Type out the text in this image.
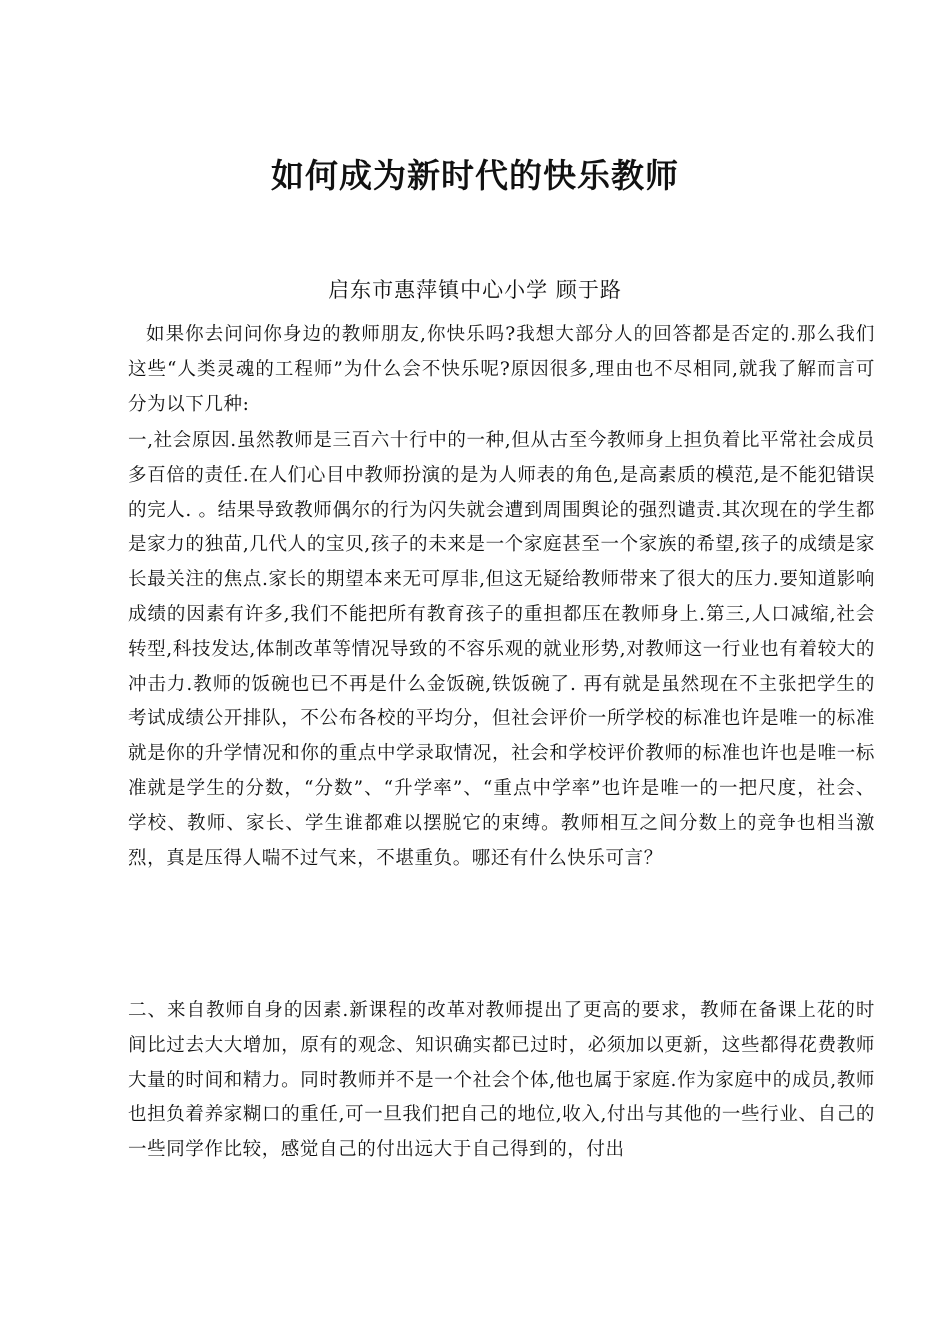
如何成为新时代的快乐教师

启东市惠萍镇中心小学 顾于路

如果你去问问你身边的教师朋友,你快乐吗?我想大部分人的回答都是否定的.那么我们这些“人类灵魂的工程师”为什么会不快乐呢?原因很多,理由也不尽相同,就我了解而言可分为以下几种:

一,社会原因.虽然教师是三百六十行中的一种,但从古至今教师身上担负着比平常社会成员多百倍的责任.在人们心目中教师扮演的是为人师表的角色,是高素质的模范,是不能犯错误的完人. 。结果导致教师偶尔的行为闪失就会遭到周围舆论的强烈谴责.其次现在的学生都是家力的独苗,几代人的宝贝,孩子的未来是一个家庭甚至一个家族的希望,孩子的成绩是家长最关注的焦点.家长的期望本来无可厚非,但这无疑给教师带来了很大的压力.要知道影响成绩的因素有许多,我们不能把所有教育孩子的重担都压在教师身上.第三,人口减缩,社会转型,科技发达,体制改革等情况导致的不容乐观的就业形势,对教师这一行业也有着较大的冲击力.教师的饭碗也已不再是什么金饭碗,铁饭碗了. 再有就是虽然现在不主张把学生的考试成绩公开排队，不公布各校的平均分，但社会评价一所学校的标准也许是唯一的标准就是你的升学情况和你的重点中学录取情况，社会和学校评价教师的标准也许也是唯一标准就是学生的分数，“分数”、“升学率”、“重点中学率”也许是唯一的一把尺度，社会、学校、教师、家长、学生谁都难以摆脱它的束缚。教师相互之间分数上的竞争也相当激烈，真是压得人喘不过气来，不堪重负。哪还有什么快乐可言？

二、来自教师自身的因素.新课程的改革对教师提出了更高的要求，教师在备课上花的时间比过去大大增加，原有的观念、知识确实都已过时，必须加以更新，这些都得花费教师大量的时间和精力。同时教师并不是一个社会个体,他也属于家庭.作为家庭中的成员,教师也担负着养家糊口的重任,可一旦我们把自己的地位,收入,付出与其他的一些行业、自己的一些同学作比较，感觉自己的付出远大于自己得到的，付出
